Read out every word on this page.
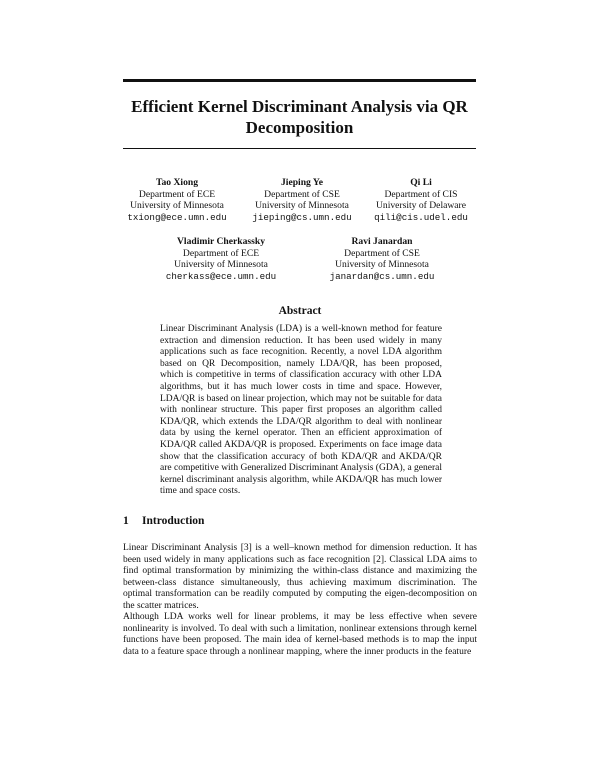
Efficient Kernel Discriminant Analysis via QR Decomposition
Tao Xiong
Department of ECE
University of Minnesota
txiong@ece.umn.edu
Jieping Ye
Department of CSE
University of Minnesota
jieping@cs.umn.edu
Qi Li
Department of CIS
University of Delaware
qili@cis.udel.edu
Vladimir Cherkassky
Department of ECE
University of Minnesota
cherkass@ece.umn.edu
Ravi Janardan
Department of CSE
University of Minnesota
janardan@cs.umn.edu
Abstract

Linear Discriminant Analysis (LDA) is a well-known method for feature extraction and dimension reduction. It has been used widely in many applications such as face recognition. Recently, a novel LDA algorithm based on QR Decomposition, namely LDA/QR, has been proposed, which is competitive in terms of classification accuracy with other LDA algorithms, but it has much lower costs in time and space. However, LDA/QR is based on linear projection, which may not be suitable for data with nonlinear structure. This paper first proposes an algorithm called KDA/QR, which extends the LDA/QR algorithm to deal with nonlinear data by using the kernel operator. Then an efficient approximation of KDA/QR called AKDA/QR is proposed. Experiments on face image data show that the classification accuracy of both KDA/QR and AKDA/QR are competitive with Generalized Discriminant Analysis (GDA), a general kernel discriminant analysis algorithm, while AKDA/QR has much lower time and space costs.

1 Introduction

Linear Discriminant Analysis [3] is a well–known method for dimension reduction. It has been used widely in many applications such as face recognition [2]. Classical LDA aims to find optimal transformation by minimizing the within-class distance and maximizing the between-class distance simultaneously, thus achieving maximum discrimination. The optimal transformation can be readily computed by computing the eigen-decomposition on the scatter matrices.

Although LDA works well for linear problems, it may be less effective when severe nonlinearity is involved. To deal with such a limitation, nonlinear extensions through kernel functions have been proposed. The main idea of kernel-based methods is to map the input data to a feature space through a nonlinear mapping, where the inner products in the feature
